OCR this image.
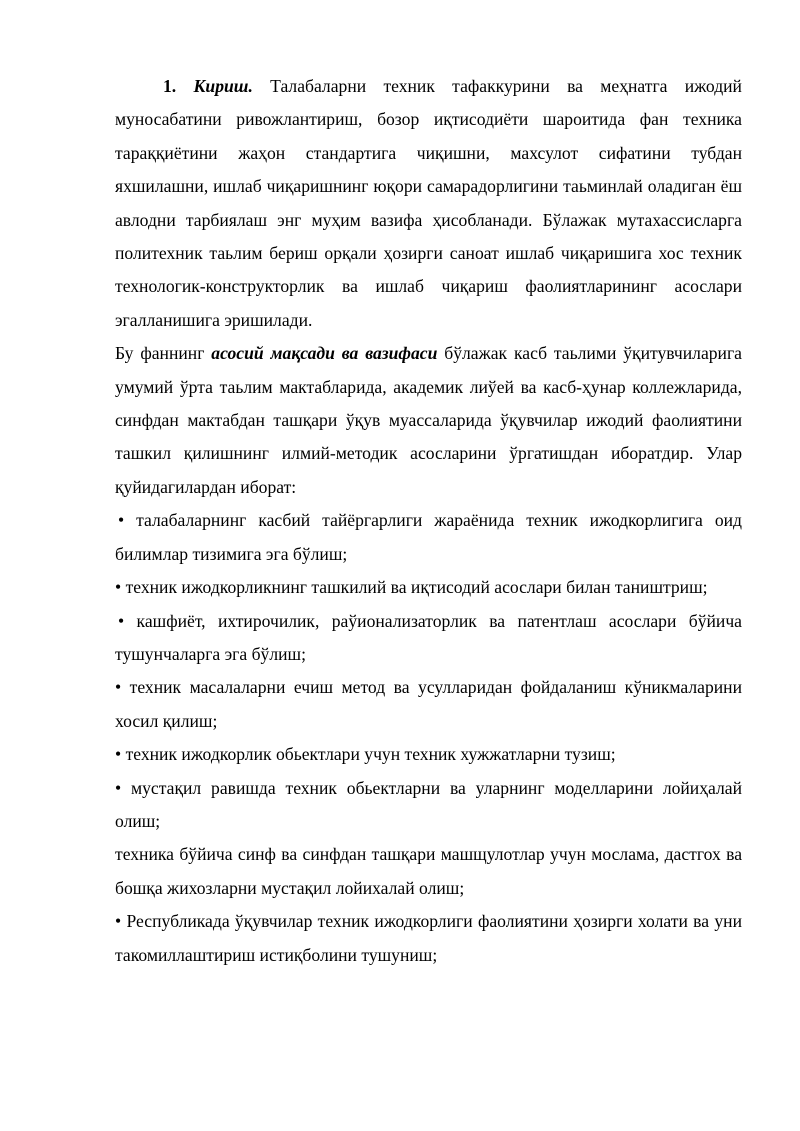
1. Кириш. Талабаларни техник тафаккурини ва меҳнатга ижодий муносабатини ривожлантириш, бозор иқтисодиёти шароитида фан техника тараққиётини жаҳон стандартига чиқишни, махсулот сифатини тубдан яхшилашни, ишлаб чиқаришнинг юқори самарадорлигини таьминлай оладиган ёш авлодни тарбиялаш энг муҳим вазифа ҳисобланади. Бўлажак мутахассисларга политехник таьлим бериш орқали ҳозирги саноат ишлаб чиқаришига хос техник технологик-конструкторлик ва ишлаб чиқариш фаолиятларининг асослари эгалланишига эришилади.

Бу фаннинг асосий мақсади ва вазифаси бўлажак касб таьлими ўқитувчиларига умумий ўрта таьлим мактабларида, академик лиўей ва касб-ҳунар коллежларида, синфдан мактабдан ташқари ўқув муассаларида ўқувчилар ижодий фаолиятини ташкил қилишнинг илмий-методик асосларини ўргатишдан иборатдир. Улар қуйидагилардан иборат:

• талабаларнинг касбий тайёргарлиги жараёнида техник ижодкорлигига оид билимлар тизимига эга бўлиш;

• техник ижодкорликнинг ташкилий ва иқтисодий асослари билан таништриш;

• кашфиёт, ихтирочилик, раўионализаторлик ва патентлаш асослари бўйича тушунчаларга эга бўлиш;

• техник масалаларни ечиш метод ва усулларидан фойдаланиш кўникмаларини хосил қилиш;

• техник ижодкорлик обьектлари учун техник хужжатларни тузиш;

• мустақил равишда техник обьектларни ва уларнинг моделларини лойиҳалай олиш;

техника бўйича синф ва синфдан ташқари машщулотлар учун мослама, дастгох ва бошқа жихозларни мустақил лойихалай олиш;

• Республикада ўқувчилар техник ижодкорлиги фаолиятини ҳозирги холати ва уни такомиллаштириш истиқболини тушуниш;
